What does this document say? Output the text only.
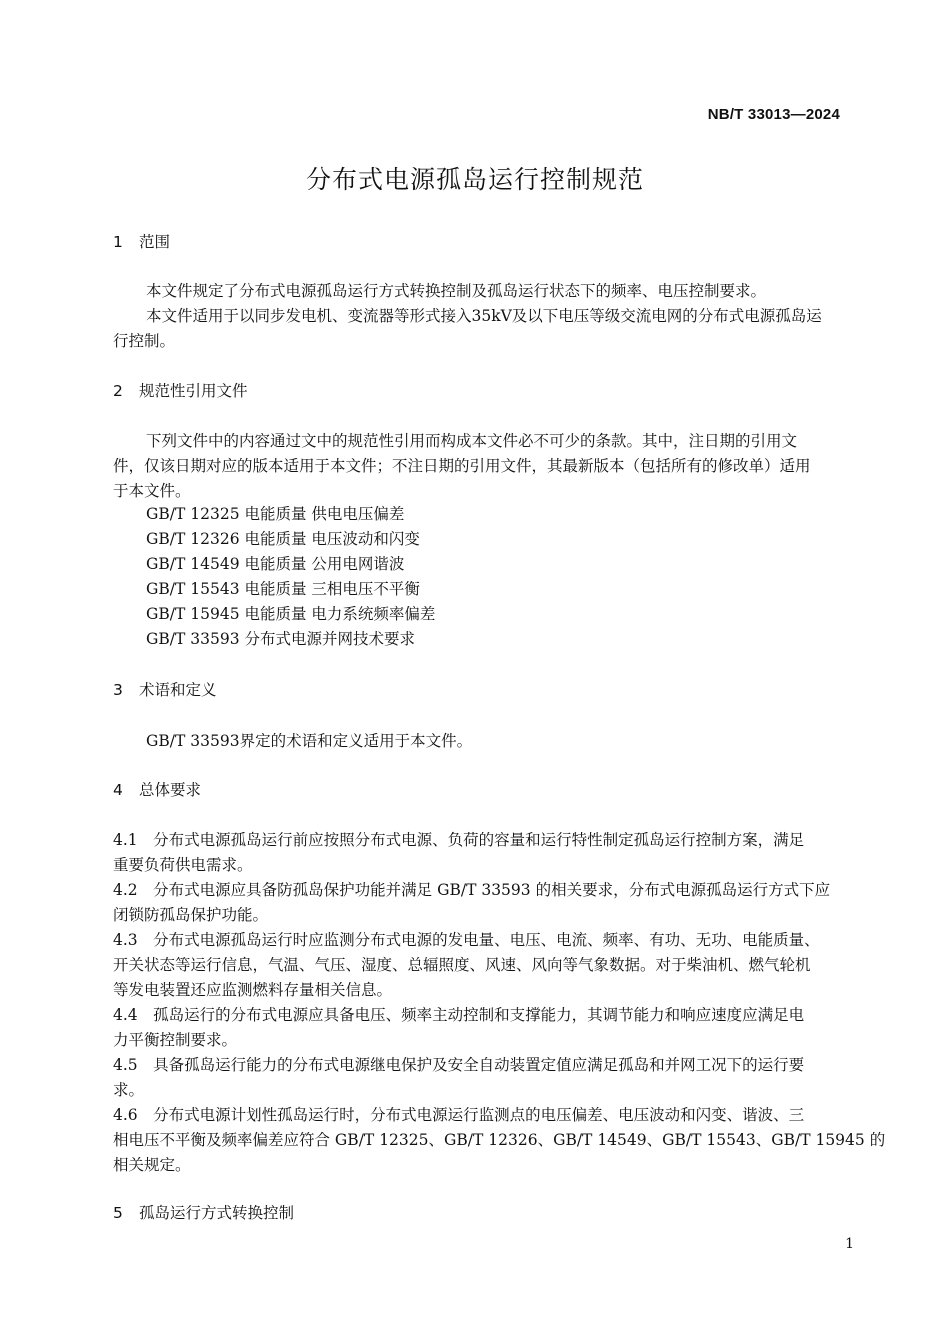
NB/T 33013—2024
分布式电源孤岛运行控制规范
1 范围
本文件规定了分布式电源孤岛运行方式转换控制及孤岛运行状态下的频率、电压控制要求。
本文件适用于以同步发电机、变流器等形式接入35kV及以下电压等级交流电网的分布式电源孤岛运
行控制。
2 规范性引用文件
下列文件中的内容通过文中的规范性引用而构成本文件必不可少的条款。其中，注日期的引用文
件，仅该日期对应的版本适用于本文件；不注日期的引用文件，其最新版本（包括所有的修改单）适用
于本文件。
GB/T 12325 电能质量 供电电压偏差
GB/T 12326 电能质量 电压波动和闪变
GB/T 14549 电能质量 公用电网谐波
GB/T 15543 电能质量 三相电压不平衡
GB/T 15945 电能质量 电力系统频率偏差
GB/T 33593 分布式电源并网技术要求
3 术语和定义
GB/T 33593界定的术语和定义适用于本文件。
4 总体要求
4.1　分布式电源孤岛运行前应按照分布式电源、负荷的容量和运行特性制定孤岛运行控制方案，满足
重要负荷供电需求。
4.2　分布式电源应具备防孤岛保护功能并满足 GB/T 33593 的相关要求，分布式电源孤岛运行方式下应
闭锁防孤岛保护功能。
4.3　分布式电源孤岛运行时应监测分布式电源的发电量、电压、电流、频率、有功、无功、电能质量、
开关状态等运行信息，气温、气压、湿度、总辐照度、风速、风向等气象数据。对于柴油机、燃气轮机
等发电装置还应监测燃料存量相关信息。
4.4　孤岛运行的分布式电源应具备电压、频率主动控制和支撑能力，其调节能力和响应速度应满足电
力平衡控制要求。
4.5　具备孤岛运行能力的分布式电源继电保护及安全自动装置定值应满足孤岛和并网工况下的运行要
求。
4.6　分布式电源计划性孤岛运行时，分布式电源运行监测点的电压偏差、电压波动和闪变、谐波、三
相电压不平衡及频率偏差应符合 GB/T 12325、GB/T 12326、GB/T 14549、GB/T 15543、GB/T 15945 的
相关规定。
5 孤岛运行方式转换控制
1
